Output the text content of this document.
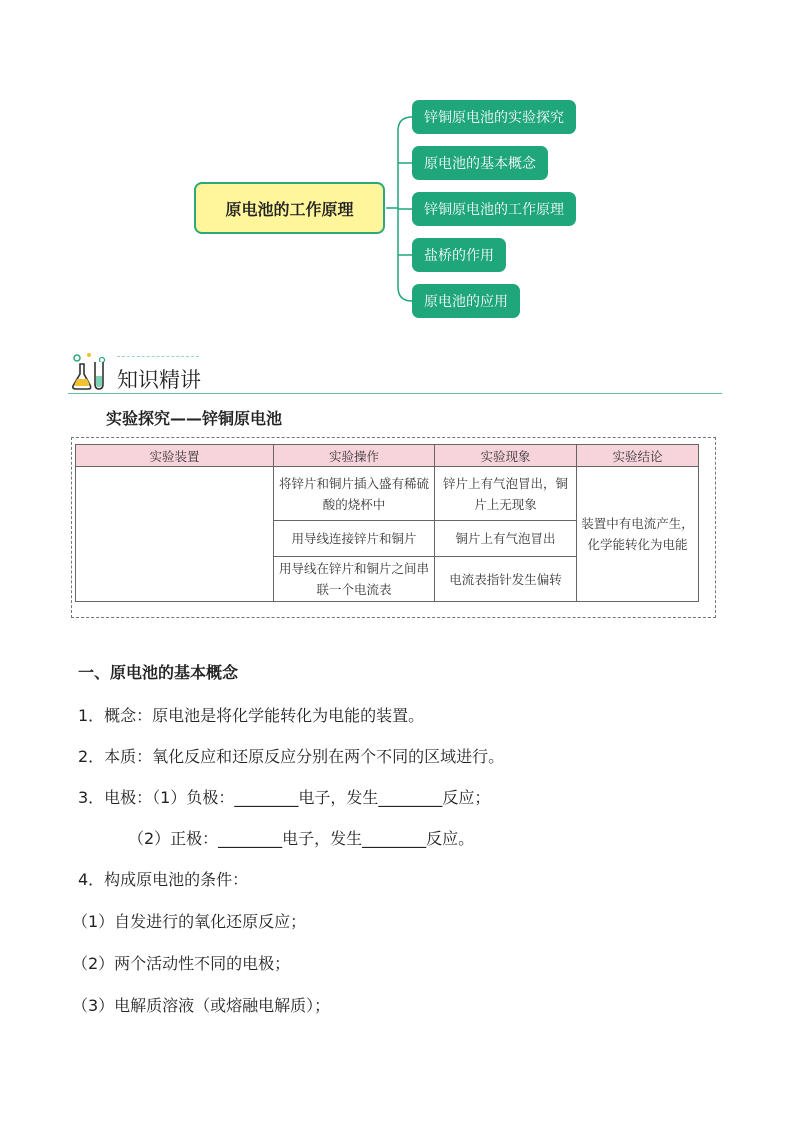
原电池的工作原理
锌铜原电池的实验探究
原电池的基本概念
锌铜原电池的工作原理
盐桥的作用
原电池的应用
知识精讲
实验探究——锌铜原电池
实验装置	实验操作	实验现象	实验结论
	将锌片和铜片插入盛有稀硫酸的烧杯中	锌片上有气泡冒出，铜片上无现象	装置中有电流产生，化学能转化为电能
	用导线连接锌片和铜片	铜片上有气泡冒出	
	用导线在锌片和铜片之间串联一个电流表	电流表指针发生偏转	
一、原电池的基本概念
1．概念：原电池是将化学能转化为电能的装置。
2．本质：氧化反应和还原反应分别在两个不同的区域进行。
3．电极：（1）负极：________电子，发生________反应；
（2）正极：________电子，发生________反应。
4．构成原电池的条件：
（1）自发进行的氧化还原反应；
（2）两个活动性不同的电极；
（3）电解质溶液（或熔融电解质）；
